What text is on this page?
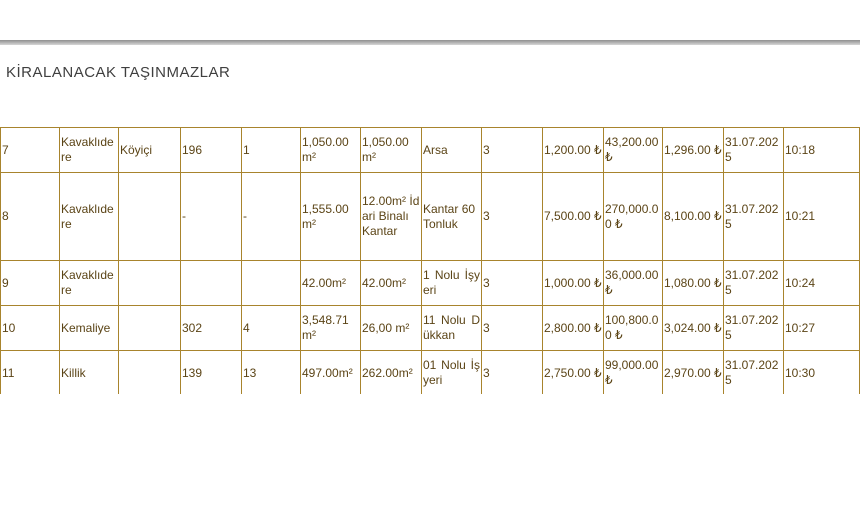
KİRALANACAK TAŞINMAZLAR
7	Kavaklıdere	Köyiçi	196	1	1,050.00 m²	1,050.00 m²	Arsa	3	1,200.00 ₺	43,200.00 ₺	1,296.00 ₺	31.07.2025	10:18
8	Kavaklıdere		-	-	1,555.00 m²	12.00m² İdari Binalı Kantar	Kantar 60 Tonluk	3	7,500.00 ₺	270,000.00 ₺	8,100.00 ₺	31.07.2025	10:21
9	Kavaklıdere				42.00m²	42.00m²	1 Nolu İşyeri	3	1,000.00 ₺	36,000.00 ₺	1,080.00 ₺	31.07.2025	10:24
10	Kemaliye		302	4	3,548.71 m²	26,00 m²	11 Nolu Dükkan	3	2,800.00 ₺	100,800.00 ₺	3,024.00 ₺	31.07.2025	10:27
11	Killik		139	13	497.00m²	262.00m²	01 Nolu İşyeri	3	2,750.00 ₺	99,000.00 ₺	2,970.00 ₺	31.07.2025	10:30
